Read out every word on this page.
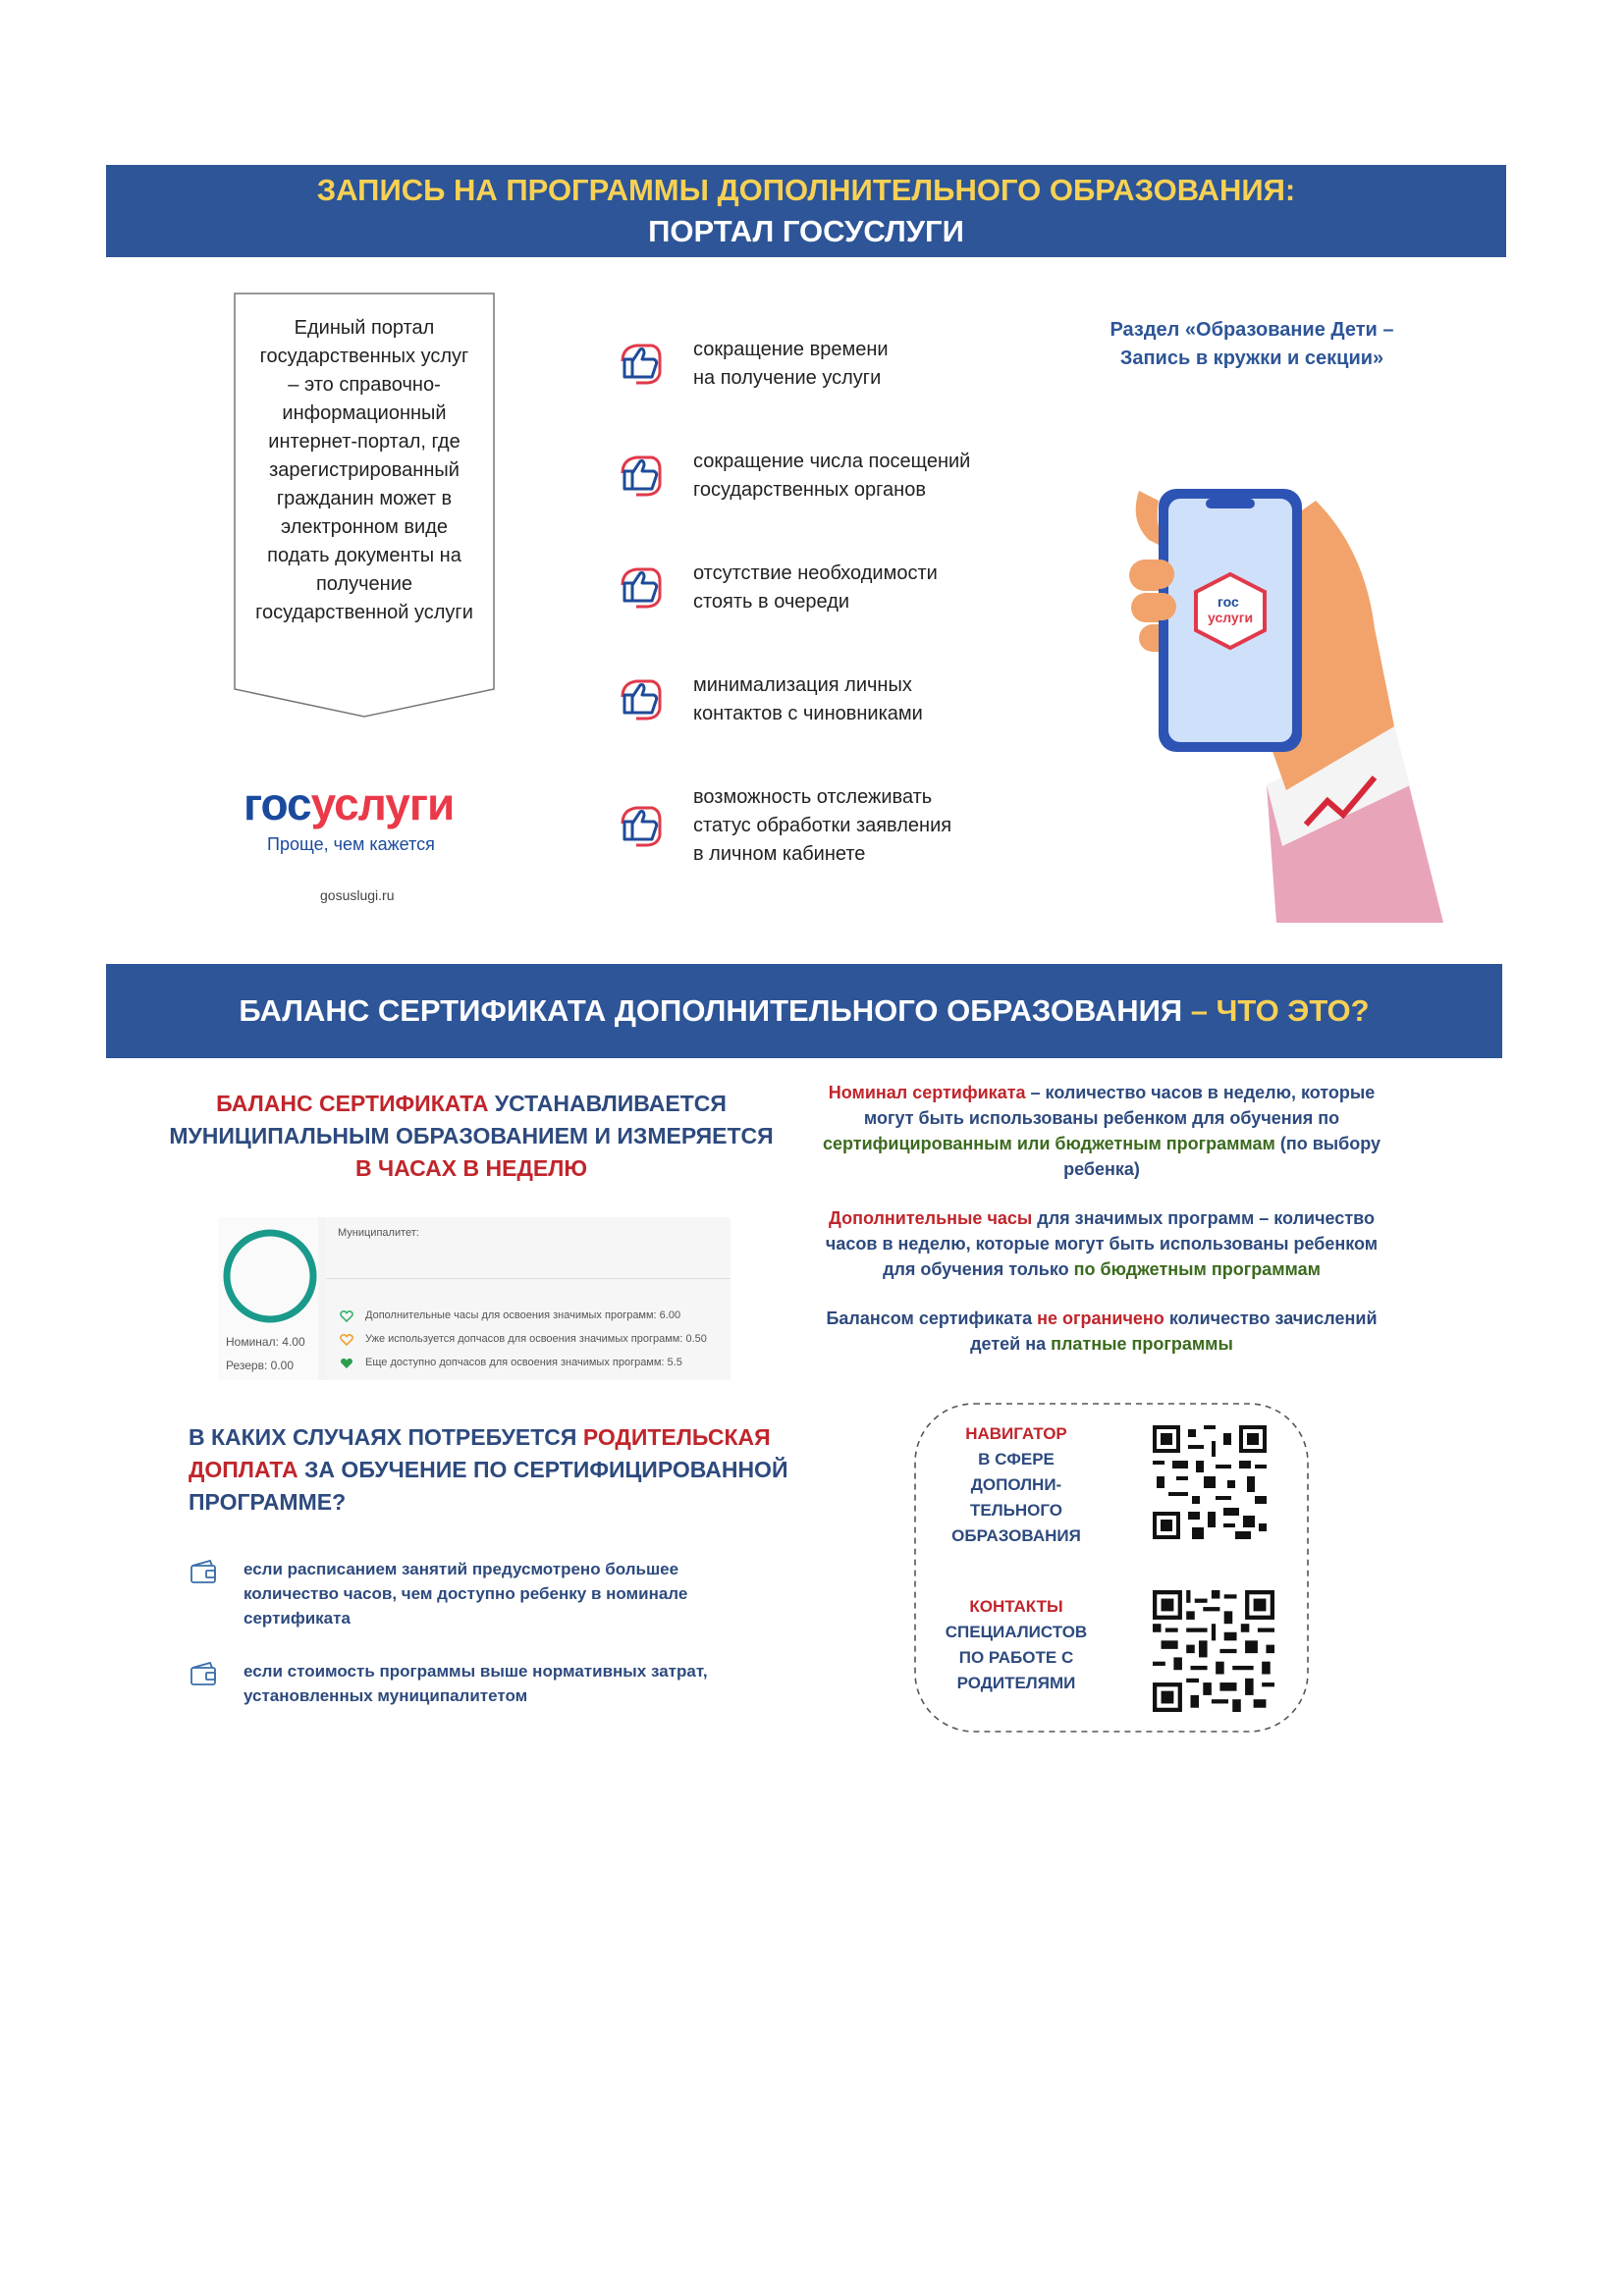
ЗАПИСЬ НА ПРОГРАММЫ ДОПОЛНИТЕЛЬНОГО ОБРАЗОВАНИЯ:
ПОРТАЛ ГОСУСЛУГИ
Единый портал государственных услуг – это справочно-информационный интернет-портал, где зарегистрированный гражданин может в электронном виде подать документы на получение государственной услуги
сокращение времени
на получение услуги
сокращение числа посещений
государственных органов
отсутствие необходимости
стоять в очереди
минимализация личных
контактов с чиновниками
возможность отслеживать
статус обработки заявления
в личном кабинете
Раздел «Образование Дети – Запись в кружки и секции»
гос
услуги
госуслуги
Проще, чем кажется
gosuslugi.ru
БАЛАНС СЕРТИФИКАТА ДОПОЛНИТЕЛЬНОГО ОБРАЗОВАНИЯ – ЧТО ЭТО?
БАЛАНС СЕРТИФИКАТА УСТАНАВЛИВАЕТСЯ
МУНИЦИПАЛЬНЫМ ОБРАЗОВАНИЕМ И ИЗМЕРЯЕТСЯ
В ЧАСАХ В НЕДЕЛЮ
Номинал: 4.00
Резерв: 0.00
Муниципалитет:
Дополнительные часы для освоения значимых программ: 6.00
Уже используется допчасов для освоения значимых программ: 0.50
Еще доступно допчасов для освоения значимых программ: 5.5
Номинал сертификата – количество часов в неделю, которые могут быть использованы ребенком для обучения по сертифицированным или бюджетным программам (по выбору ребенка)
Дополнительные часы для значимых программ – количество часов в неделю, которые могут быть использованы ребенком для обучения только по бюджетным программам
Балансом сертификата не ограничено количество зачислений детей на платные программы
В КАКИХ СЛУЧАЯХ ПОТРЕБУЕТСЯ РОДИТЕЛЬСКАЯ
ДОПЛАТА ЗА ОБУЧЕНИЕ ПО СЕРТИФИЦИРОВАННОЙ
ПРОГРАММЕ?
если расписанием занятий предусмотрено большее количество часов, чем доступно ребенку в номинале сертификата
если стоимость программы выше нормативных затрат, установленных муниципалитетом
НАВИГАТОР
В СФЕРЕ ДОПОЛНИ-ТЕЛЬНОГО ОБРАЗОВАНИЯ
КОНТАКТЫ
СПЕЦИАЛИСТОВ ПО РАБОТЕ С РОДИТЕЛЯМИ
